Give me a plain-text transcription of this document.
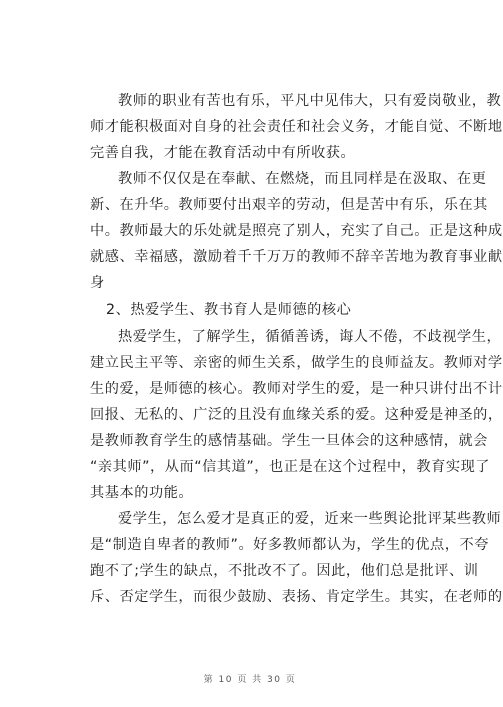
教师的职业有苦也有乐，平凡中见伟大，只有爱岗敬业，教
师才能积极面对自身的社会责任和社会义务，才能自觉、不断地
完善自我，才能在教育活动中有所收获。
教师不仅仅是在奉献、在燃烧，而且同样是在汲取、在更
新、在升华。教师要付出艰辛的劳动，但是苦中有乐，乐在其
中。教师最大的乐处就是照亮了别人，充实了自己。正是这种成
就感、幸福感，激励着千千万万的教师不辞辛苦地为教育事业献
身
2、热爱学生、教书育人是师德的核心
热爱学生，了解学生，循循善诱，诲人不倦，不歧视学生，
建立民主平等、亲密的师生关系，做学生的良师益友。教师对学
生的爱，是师德的核心。教师对学生的爱，是一种只讲付出不计
回报、无私的、广泛的且没有血缘关系的爱。这种爱是神圣的，
是教师教育学生的感情基础。学生一旦体会的这种感情，就会
“亲其师”，从而“信其道”，也正是在这个过程中，教育实现了
其基本的功能。
爱学生，怎么爱才是真正的爱，近来一些舆论批评某些教师
是“制造自卑者的教师”。好多教师都认为，学生的优点，不夸
跑不了;学生的缺点，不批改不了。因此，他们总是批评、训
斥、否定学生，而很少鼓励、表扬、肯定学生。其实，在老师的
第 10 页 共 30 页
